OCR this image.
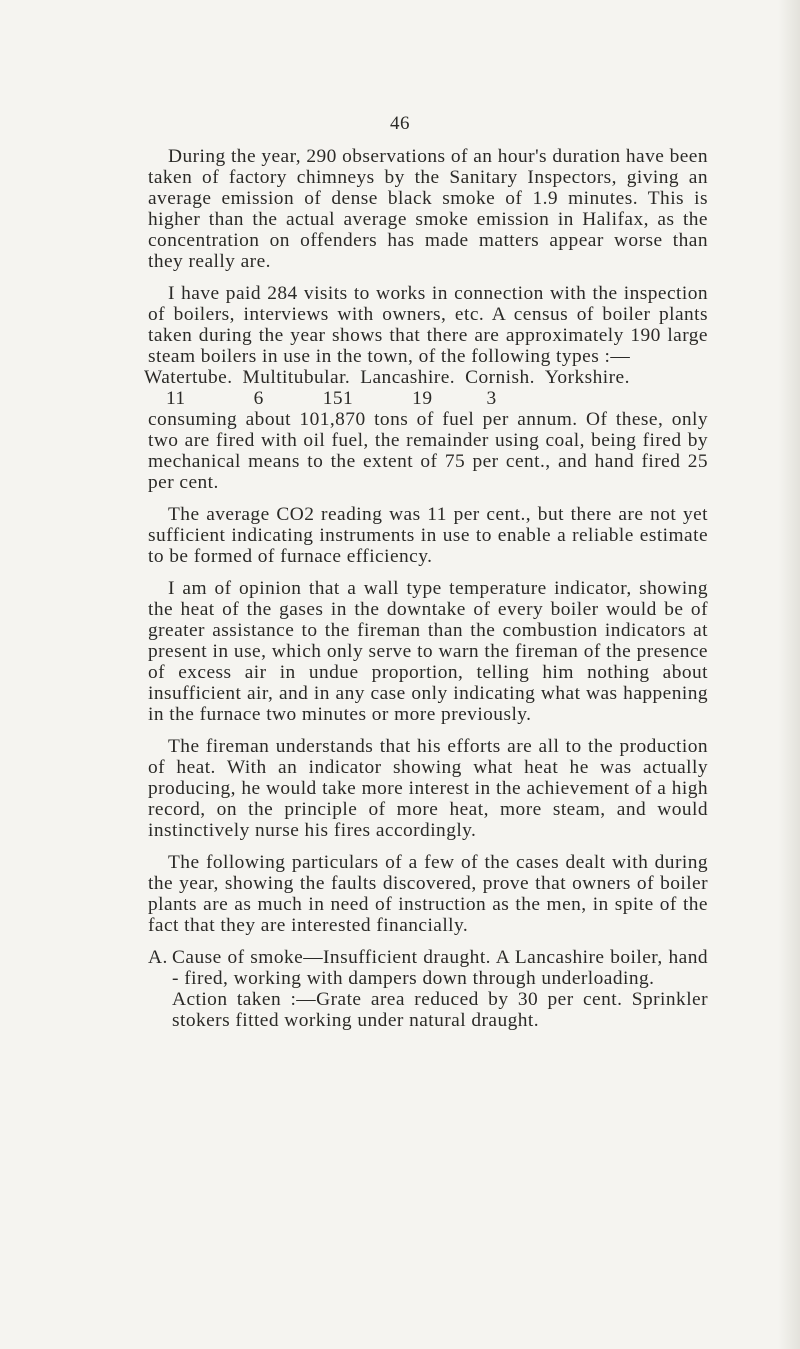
46

During the year, 290 observations of an hour's duration have been taken of factory chimneys by the Sanitary Inspectors, giving an average emission of dense black smoke of 1.9 minutes. This is higher than the actual average smoke emission in Halifax, as the concentration on offenders has made matters appear worse than they really are.

I have paid 284 visits to works in connection with the inspection of boilers, interviews with owners, etc. A census of boiler plants taken during the year shows that there are approximately 190 large steam boilers in use in the town, of the following types :—

Watertube. Multitubular. Lancashire. Cornish. Yorkshire.
11	6	151	19	3

consuming about 101,870 tons of fuel per annum. Of these, only two are fired with oil fuel, the remainder using coal, being fired by mechanical means to the extent of 75 per cent., and hand fired 25 per cent.

The average CO2 reading was 11 per cent., but there are not yet sufficient indicating instruments in use to enable a reliable estimate to be formed of furnace efficiency.

I am of opinion that a wall type temperature indicator, showing the heat of the gases in the downtake of every boiler would be of greater assistance to the fireman than the combustion indicators at present in use, which only serve to warn the fireman of the presence of excess air in undue proportion, telling him nothing about insufficient air, and in any case only indicating what was happening in the furnace two minutes or more previously.

The fireman understands that his efforts are all to the production of heat. With an indicator showing what heat he was actually producing, he would take more interest in the achievement of a high record, on the principle of more heat, more steam, and would instinctively nurse his fires accordingly.

The following particulars of a few of the cases dealt with during the year, showing the faults discovered, prove that owners of boiler plants are as much in need of instruction as the men, in spite of the fact that they are interested financially.

A. Cause of smoke—Insufficient draught. A Lancashire boiler, hand - fired, working with dampers down through underloading.
Action taken :—Grate area reduced by 30 per cent. Sprinkler stokers fitted working under natural draught.
